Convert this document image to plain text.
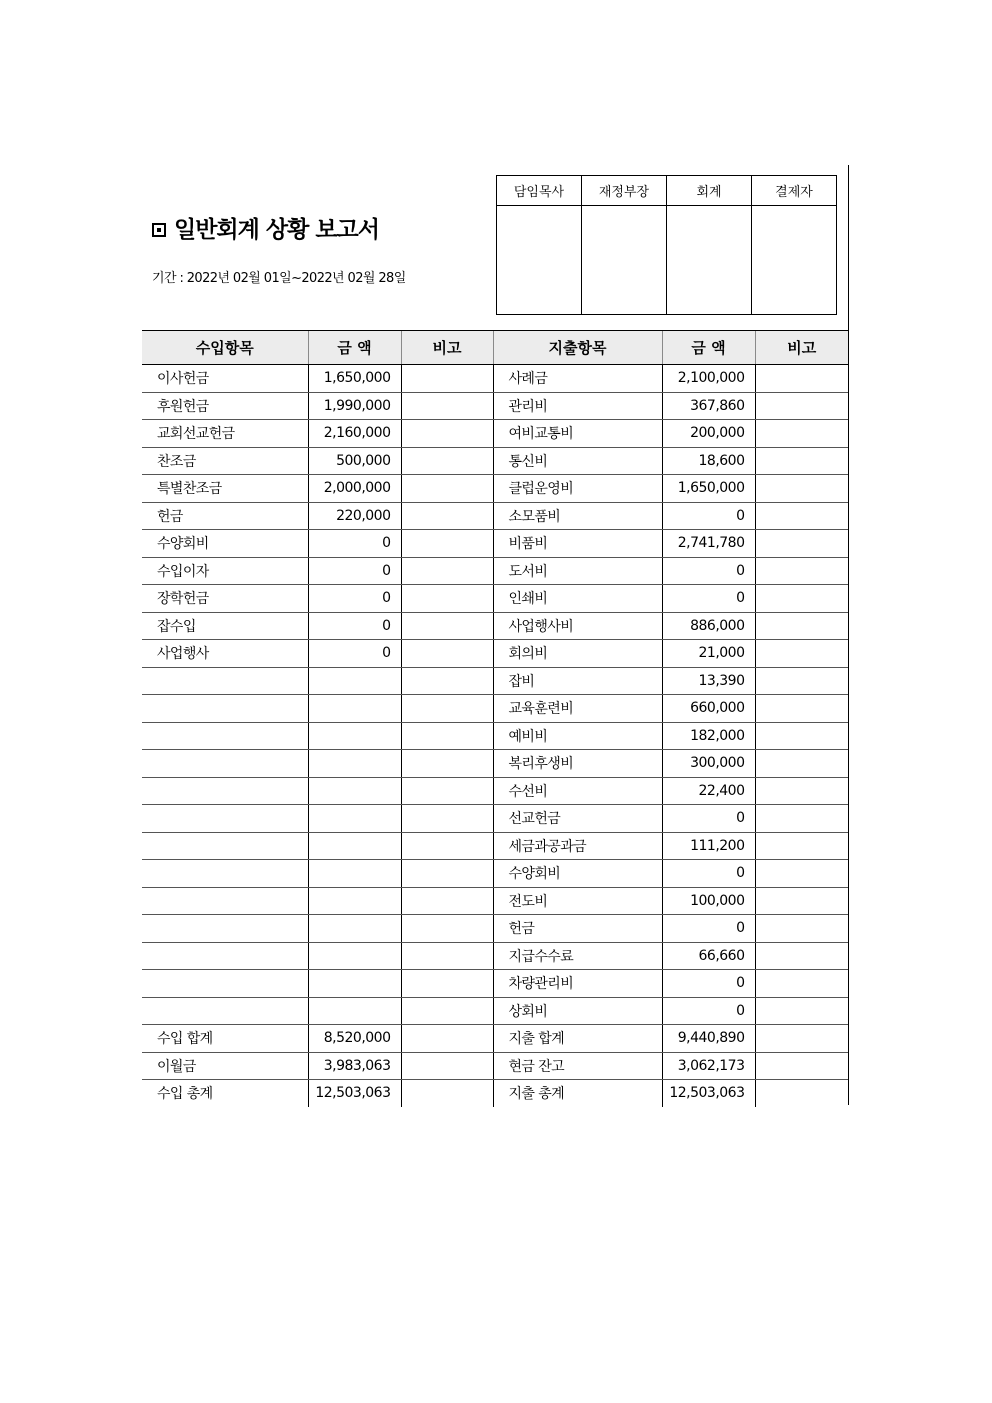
일반회계 상황 보고서
기간 : 2022년 02월 01일~2022년 02월 28일
담임목사	재정부장	회계	결제자

수입항목	금 액	비고	지출항목	금 액	비고
이사헌금	1,650,000		사례금	2,100,000	
후원헌금	1,990,000		관리비	367,860	
교회선교헌금	2,160,000		여비교통비	200,000	
찬조금	500,000		통신비	18,600	
특별찬조금	2,000,000		클럽운영비	1,650,000	
헌금	220,000		소모품비	0	
수양회비	0		비품비	2,741,780	
수입이자	0		도서비	0	
장학헌금	0		인쇄비	0	
잡수입	0		사업행사비	886,000	
사업행사	0		회의비	21,000	
			잡비	13,390	
			교육훈련비	660,000	
			예비비	182,000	
			복리후생비	300,000	
			수선비	22,400	
			선교헌금	0	
			세금과공과금	111,200	
			수양회비	0	
			전도비	100,000	
			헌금	0	
			지급수수료	66,660	
			차량관리비	0	
			상회비	0	
수입 합계	8,520,000		지출 합계	9,440,890	
이월금	3,983,063		현금 잔고	3,062,173	
수입 총계	12,503,063		지출 총계	12,503,063	
